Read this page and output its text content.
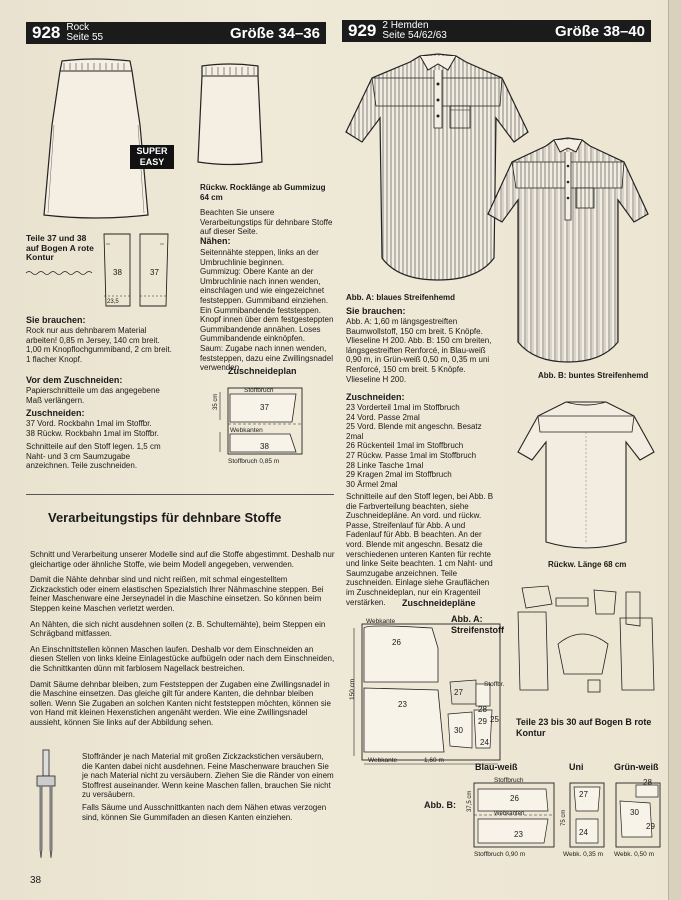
928 Rock
Seite 55	Größe 34–36
SUPER
EASY
Rückw. Rocklänge ab Gummizug 64 cm
Beachten Sie unsere Verarbeitungstips für dehnbare Stoffe auf dieser Seite.
Nähen:
Seitennähte steppen, links an der Umbruchlinie beginnen.
Gummizug: Obere Kante an der Umbruchlinie nach innen wenden, einschlagen und wie eingezeichnet feststeppen. Gummiband einziehen. Ein Gummibandende feststeppen. Knopf innen über dem festgesteppten Gummibandende annähen. Loses Gummibandende einknöpfen.
Saum: Zugabe nach innen wenden, feststeppen, dazu eine Zwillingsnadel verwenden.
Teile 37 und 38 auf Bogen A rote Kontur
38	37
23,5
Sie brauchen:
Rock nur aus dehnbarem Material arbeiten! 0,85 m Jersey, 140 cm breit. 1,00 m Knopflochgummiband, 2 cm breit. 1 flacher Knopf.
Vor dem Zuschneiden:
Papierschnitteile um das angegebene Maß verlängern.
Zuschneiden:
37 Vord. Rockbahn 1mal im Stoffbr.
38 Rückw. Rockbahn 1mal im Stoffbr.
Schnitteile auf den Stoff legen. 1,5 cm Naht- und 3 cm Saumzugabe anzeichnen. Teile zuschneiden.
Zuschneideplan
Stoffbruch
37
Webkanten
38
Stoffbruch 0,85 m
35 cm
Verarbeitungstips für dehnbare Stoffe
Schnitt und Verarbeitung unserer Modelle sind auf die Stoffe abgestimmt. Deshalb nur gleichartige oder ähnliche Stoffe, wie beim Modell angegeben, verwenden.
Damit die Nähte dehnbar sind und nicht reißen, mit schmal eingestelltem Zickzackstich oder einem elastischen Spezialstich Ihrer Nähmaschine steppen. Bei feiner Maschenware eine Jerseynadel in die Maschine einsetzen. So können beim Steppen keine Maschen verletzt werden.
An Nähten, die sich nicht ausdehnen sollen (z. B. Schulternähte), beim Steppen ein Schrägband mitfassen.
An Einschnittstellen können Maschen laufen. Deshalb vor dem Einschneiden an diesen Stellen von links kleine Einlagestücke aufbügeln oder nach dem Einschneiden, die Schnittkanten dünn mit farblosem Nagellack bestreichen.
Damit Säume dehnbar bleiben, zum Feststeppen der Zugaben eine Zwillingsnadel in die Maschine einsetzen. Das gleiche gilt für andere Kanten, die dehnbar bleiben sollen. Wenn Sie Zugaben an solchen Kanten nicht feststeppen möchten, können sie von Hand mit kleinen Hexenstichen angenäht werden. Wie eine Zwillingsnadel aussieht, können Sie links auf der Abbildung sehen.
Stoffränder je nach Material mit großen Zickzackstichen versäubern, die Kanten dabei nicht ausdehnen. Feine Maschenware brauchen Sie je nach Material nicht zu versäubern. Ziehen Sie die Ränder von einem Stoffrest auseinander. Wenn keine Maschen fallen, brauchen Sie nicht zu versäubern.
Falls Säume und Ausschnittkanten nach dem Nähen etwas verzogen sind, können Sie Gummifaden an diesen Kanten einziehen.
38
929 2 Hemden
Seite 54/62/63	Größe 38–40
Abb. A: blaues Streifenhemd
Abb. B: buntes Streifenhemd
Sie brauchen:
Abb. A: 1,60 m längsgestreiften Baumwollstoff, 150 cm breit. 5 Knöpfe. Vlieseline H 200. Abb. B: 150 cm breiten, längsgestreiften Renforcé, in Blau-weiß 0,90 m, in Grün-weiß 0,50 m, 0,35 m uni Renforcé, 150 cm breit. 5 Knöpfe. Vlieseline H 200.
Zuschneiden:
23 Vorderteil 1mal im Stoffbruch
24 Vord. Passe 2mal
25 Vord. Blende mit angeschn. Besatz 2mal
26 Rückenteil 1mal im Stoffbruch
27 Rückw. Passe 1mal im Stoffbruch
28 Linke Tasche 1mal
29 Kragen 2mal im Stoffbruch
30 Ärmel 2mal
Schnitteile auf den Stoff legen, bei Abb. B die Farbverteilung beachten, siehe Zuschneidepläne. An vord. und rückw. Passe, Streifenlauf für Abb. A und Fadenlauf für Abb. B beachten. An der vord. Blende mit angeschn. Besatz die verschiedenen unteren Kanten für rechte und linke Seite beachten. 1 cm Naht- und Saumzugabe anzeichnen. Teile zuschneiden. Einlage siehe Grauflächen im Zuschneideplan, nur ein Kragenteil verstärken.
Rückw. Länge 68 cm
Zuschneidepläne
Abb. A: Streifenstoff
Webkante
Stoffbr.
26
23
27
28
29 25
30
24
150 cm
Webkante	1,60 m
Teile 23 bis 30 auf Bogen B rote Kontur
Abb. B:
Blau-weiß	Uni	Grün-weiß
Stoffbruch
26
Webkanten
23
Stoffbruch 0,90 m
27
24
Webk. 0,35 m
28
30
29
Webk. 0,50 m
37,5 cm
75 cm
